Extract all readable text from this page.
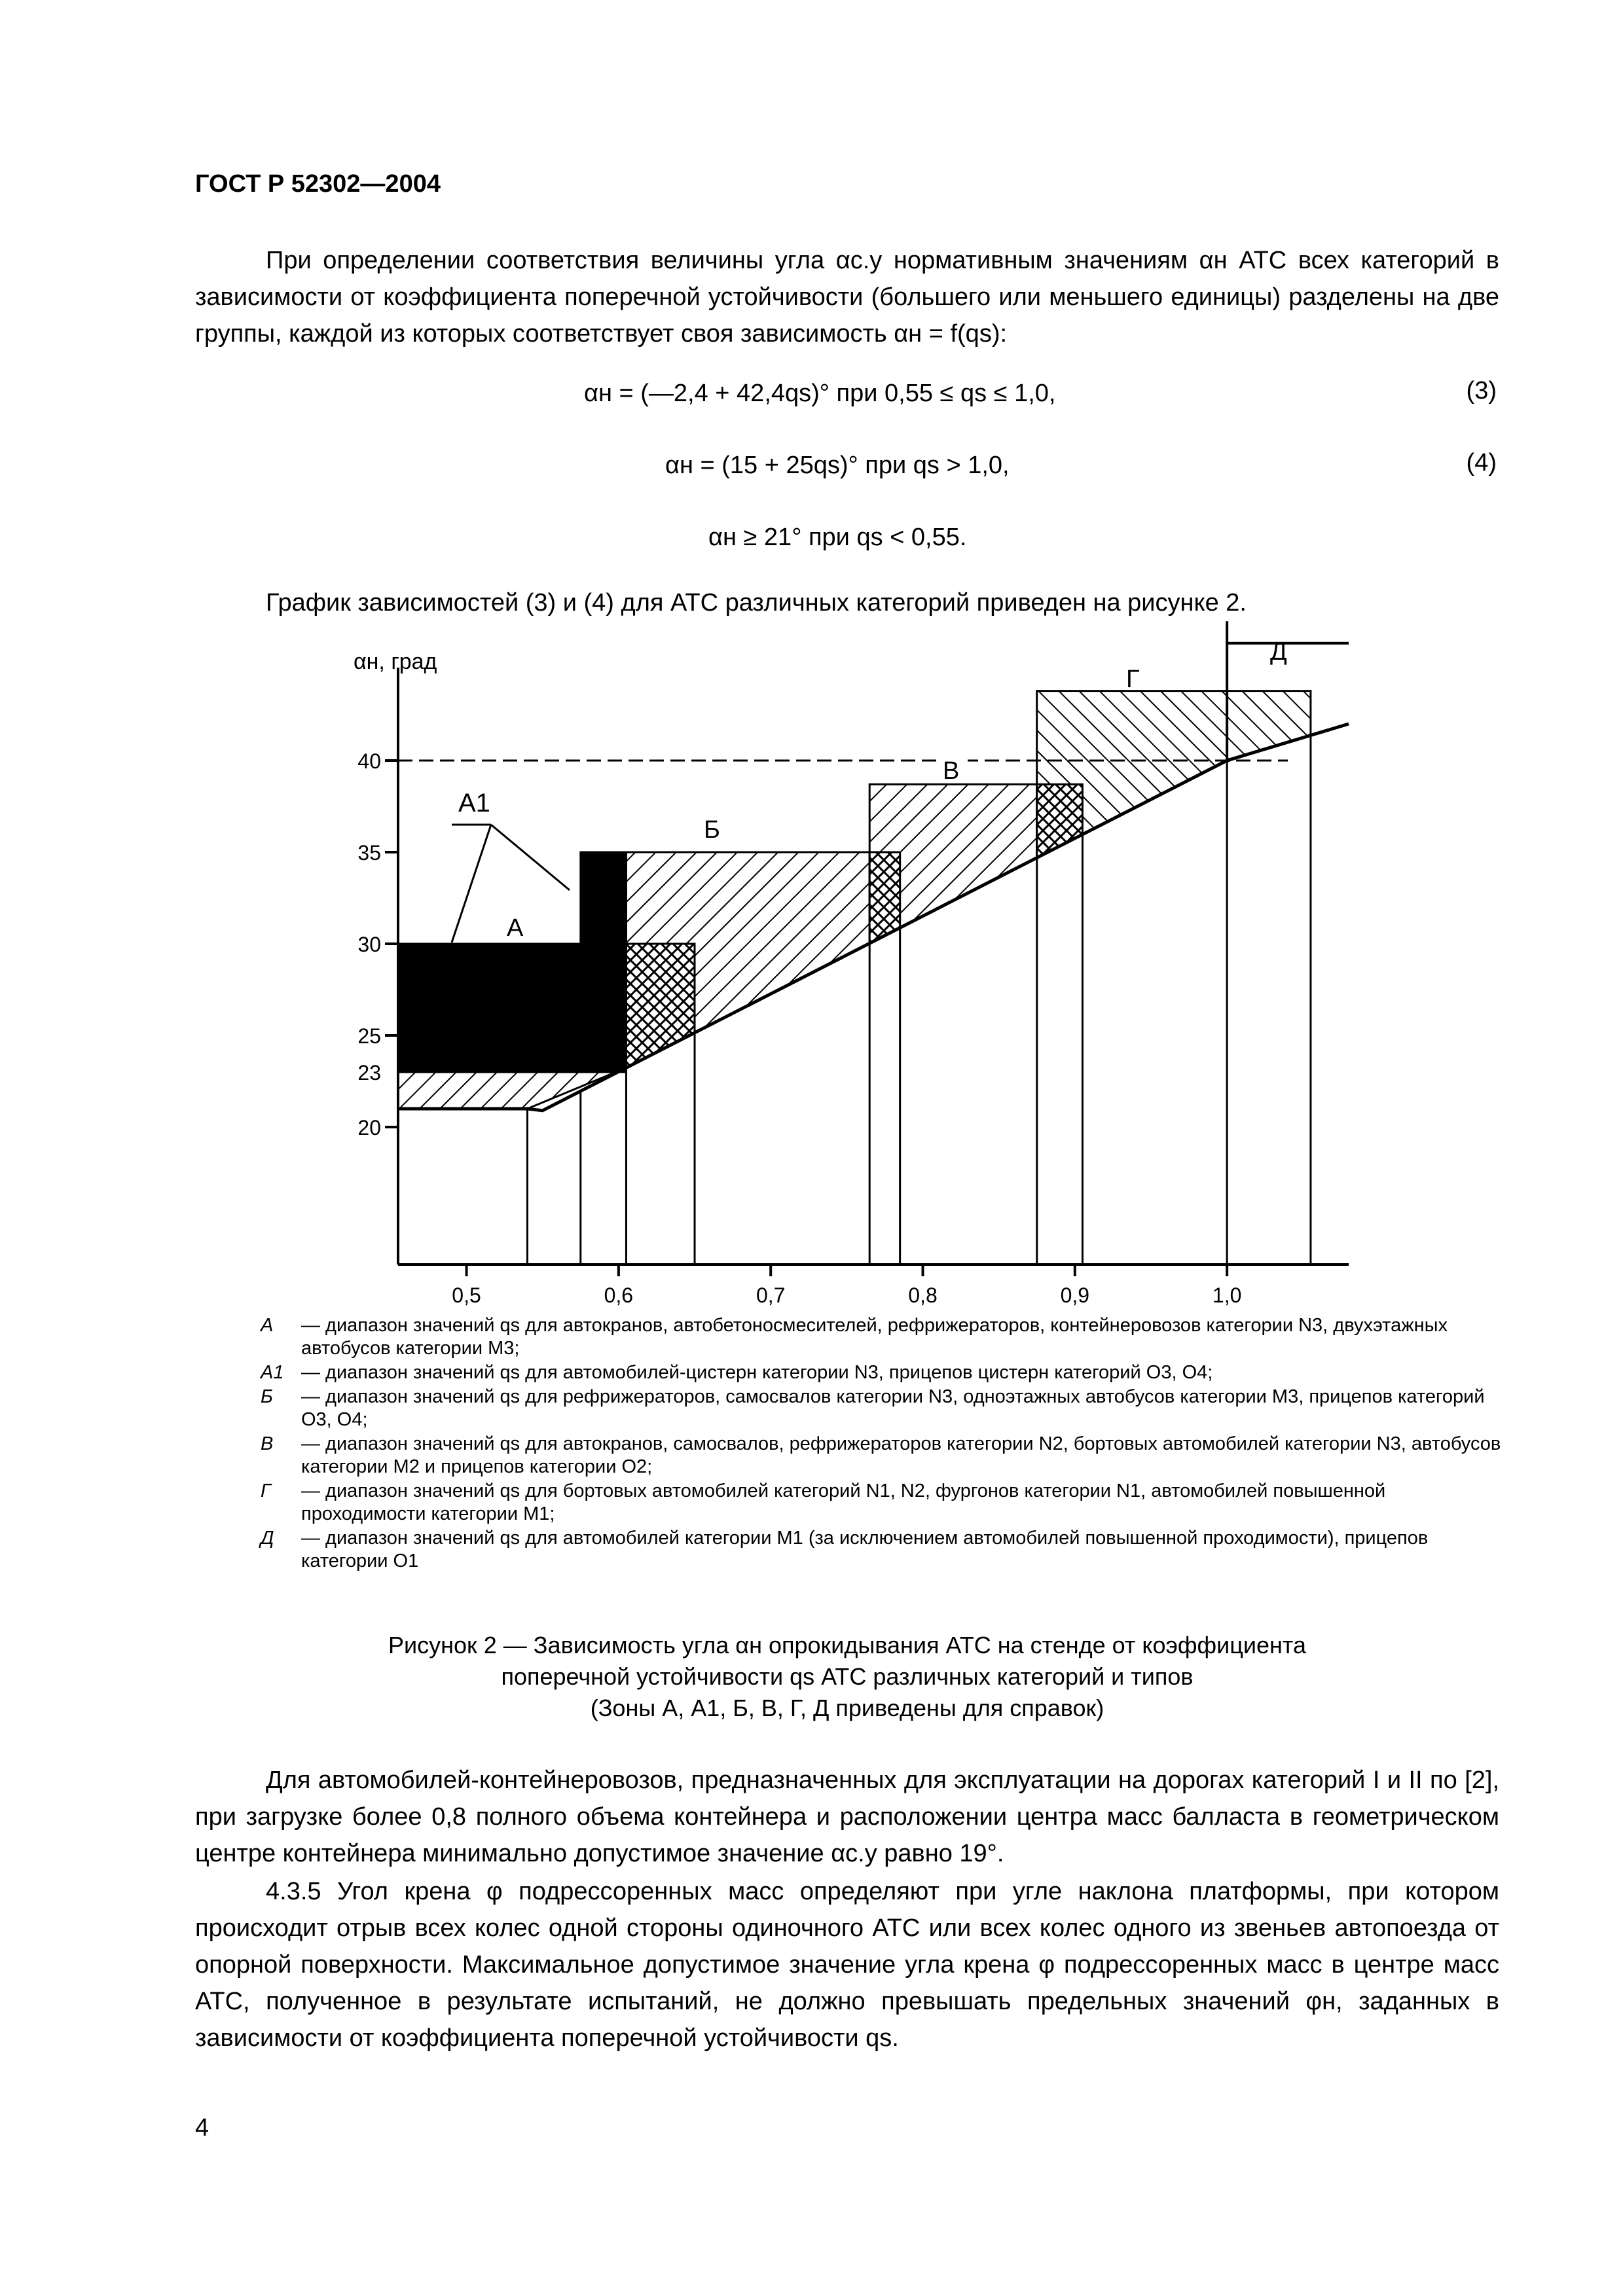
ГОСТ Р 52302—2004
При определении соответствия величины угла αс.у нормативным значениям αн АТС всех категорий в зависимости от коэффициента поперечной устойчивости (большего или меньшего единицы) разделены на две группы, каждой из которых соответствует своя зависимость αн = f(qs):
αн = (—2,4 + 42,4qs)° при 0,55 ≤ qs ≤ 1,0,	(3)
αн = (15 + 25qs)° при qs > 1,0,	(4)
αн ≥ 21° при qs < 0,55.
График зависимостей (3) и (4) для АТС различных категорий приведен на рисунке 2.
20
23
25
30
35
40
0,5	0,6	0,7	0,8	0,9	1,0
А1
А
Б
В
Г
Д
αн, град
А	— диапазон значений qs для автокранов, автобетоносмесителей, рефрижераторов, контейнеровозов категории N3, двухэтажных автобусов категории М3;
А1 — диапазон значений qs для автомобилей-цистерн категории N3, прицепов цистерн категорий О3, О4;
Б	— диапазон значений qs для рефрижераторов, самосвалов категории N3, одноэтажных автобусов категории М3, прицепов категорий О3, О4;
В	— диапазон значений qs для автокранов, самосвалов, рефрижераторов категории N2, бортовых автомобилей категории N3, автобусов категории М2 и прицепов категории О2;
Г	— диапазон значений qs для бортовых автомобилей категорий N1, N2, фургонов категории N1, автомобилей повышенной проходимости категории М1;
Д	— диапазон значений qs для автомобилей категории М1 (за исключением автомобилей повышенной проходимости), прицепов категории О1
Рисунок 2 — Зависимость угла αн опрокидывания АТС на стенде от коэффициента
поперечной устойчивости qs АТС различных категорий и типов
(Зоны А, А1, Б, В, Г, Д приведены для справок)
Для автомобилей-контейнеровозов, предназначенных для эксплуатации на дорогах категорий I и II по [2], при загрузке более 0,8 полного объема контейнера и расположении центра масс балласта в геометрическом центре контейнера минимально допустимое значение αс.у равно 19°.
4.3.5 Угол крена φ подрессоренных масс определяют при угле наклона платформы, при котором происходит отрыв всех колес одной стороны одиночного АТС или всех колес одного из звеньев автопоезда от опорной поверхности. Максимальное допустимое значение угла крена φ подрессоренных масс в центре масс АТС, полученное в результате испытаний, не должно превышать предельных значений φн, заданных в зависимости от коэффициента поперечной устойчивости qs.
4
